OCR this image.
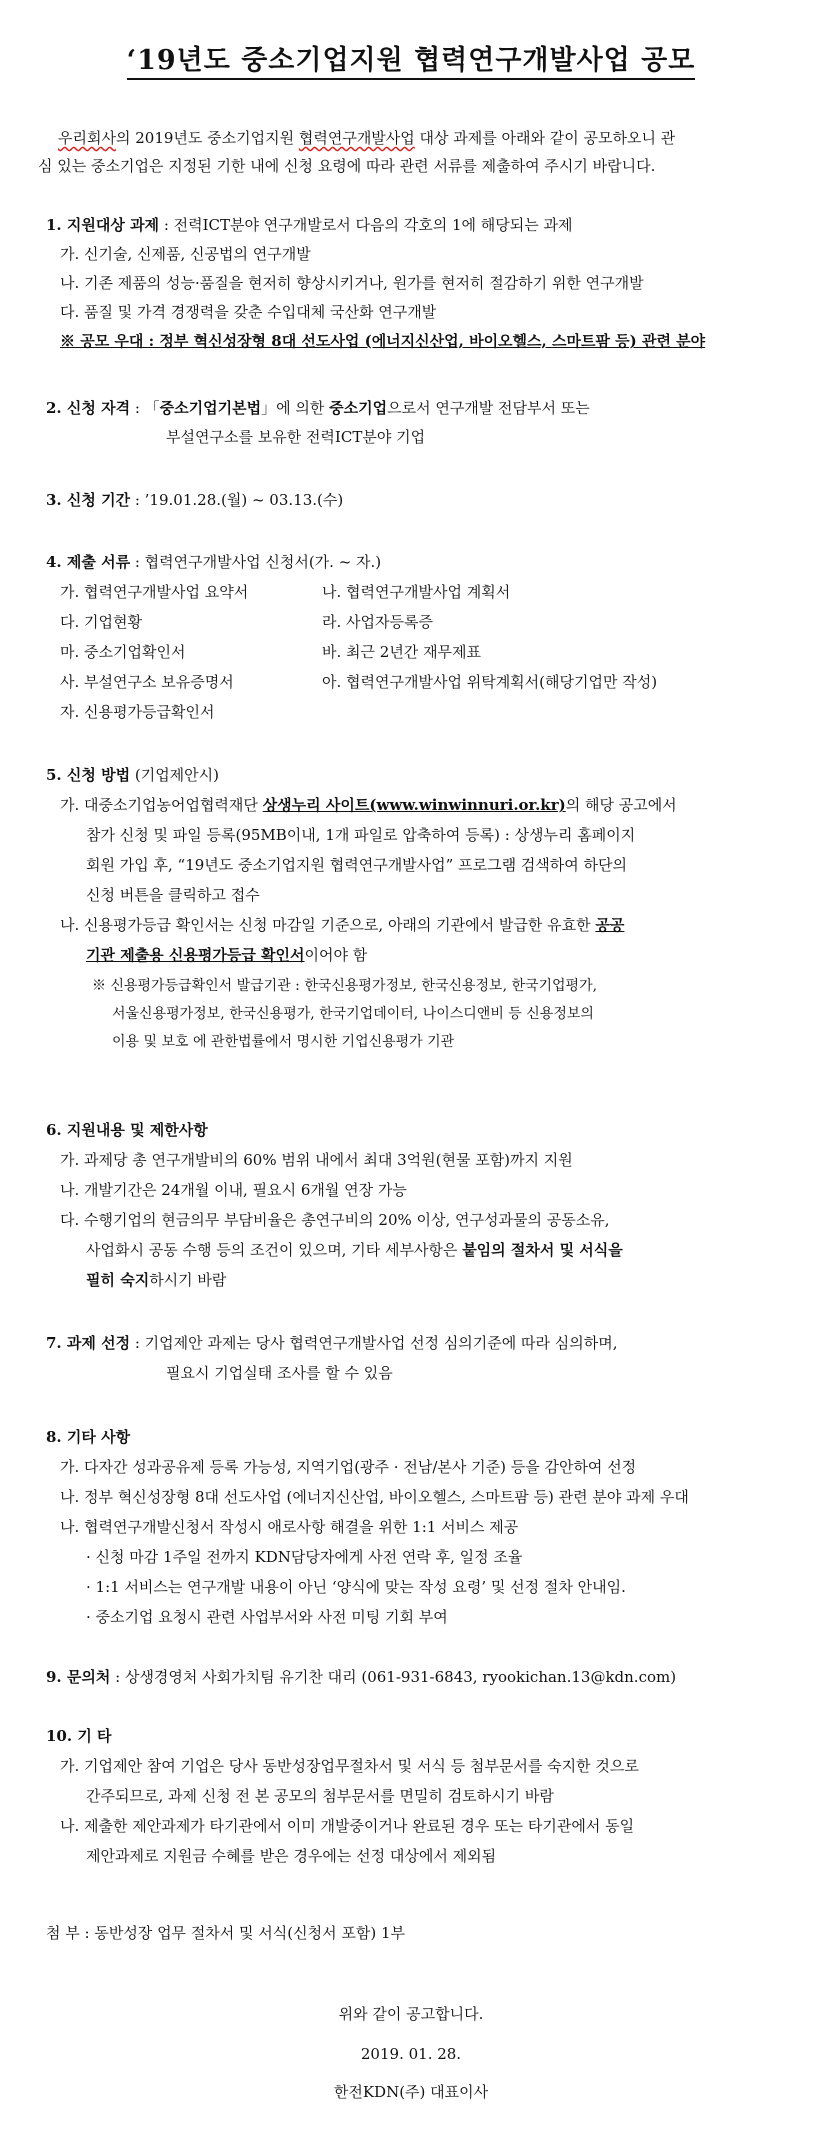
‘19년도 중소기업지원 협력연구개발사업 공모
우리회사의 2019년도 중소기업지원 협력연구개발사업 대상 과제를 아래와 같이 공모하오니 관
심 있는 중소기업은 지정된 기한 내에 신청 요령에 따라 관련 서류를 제출하여 주시기 바랍니다.
1. 지원대상 과제 : 전력ICT분야 연구개발로서 다음의 각호의 1에 해당되는 과제
가. 신기술, 신제품, 신공법의 연구개발
나. 기존 제품의 성능·품질을 현저히 향상시키거나, 원가를 현저히 절감하기 위한 연구개발
다. 품질 및 가격 경쟁력을 갖춘 수입대체 국산화 연구개발
※ 공모 우대 : 정부 혁신성장형 8대 선도사업 (에너지신산업, 바이오헬스, 스마트팜 등) 관련 분야
2. 신청 자격 : 「중소기업기본법」에 의한 중소기업으로서 연구개발 전담부서 또는
부설연구소를 보유한 전력ICT분야 기업
3. 신청 기간 : ’19.01.28.(월) ~ 03.13.(수)
4. 제출 서류 : 협력연구개발사업 신청서(가. ~ 자.)
가. 협력연구개발사업 요약서	나. 협력연구개발사업 계획서
다. 기업현황	라. 사업자등록증
마. 중소기업확인서	바. 최근 2년간 재무제표
사. 부설연구소 보유증명서	아. 협력연구개발사업 위탁계획서(해당기업만 작성)
자. 신용평가등급확인서
5. 신청 방법 (기업제안시)
가. 대중소기업농어업협력재단 상생누리 사이트(www.winwinnuri.or.kr)의 해당 공고에서
참가 신청 및 파일 등록(95MB이내, 1개 파일로 압축하여 등록) : 상생누리 홈페이지
회원 가입 후, “19년도 중소기업지원 협력연구개발사업” 프로그램 검색하여 하단의
신청 버튼을 클릭하고 접수
나. 신용평가등급 확인서는 신청 마감일 기준으로, 아래의 기관에서 발급한 유효한 공공
기관 제출용 신용평가등급 확인서이어야 함
※ 신용평가등급확인서 발급기관 : 한국신용평가정보, 한국신용정보, 한국기업평가,
서울신용평가정보, 한국신용평가, 한국기업데이터, 나이스디앤비 등 신용정보의
이용 및 보호 에 관한법률에서 명시한 기업신용평가 기관
6. 지원내용 및 제한사항
가. 과제당 총 연구개발비의 60% 범위 내에서 최대 3억원(현물 포함)까지 지원
나. 개발기간은 24개월 이내, 필요시 6개월 연장 가능
다. 수행기업의 현금의무 부담비율은 총연구비의 20% 이상, 연구성과물의 공동소유,
사업화시 공동 수행 등의 조건이 있으며, 기타 세부사항은 붙임의 절차서 및 서식을
필히 숙지하시기 바람
7. 과제 선정 : 기업제안 과제는 당사 협력연구개발사업 선정 심의기준에 따라 심의하며,
필요시 기업실태 조사를 할 수 있음
8. 기타 사항
가. 다자간 성과공유제 등록 가능성, 지역기업(광주 · 전남/본사 기준) 등을 감안하여 선정
나. 정부 혁신성장형 8대 선도사업 (에너지신산업, 바이오헬스, 스마트팜 등) 관련 분야 과제 우대
나. 협력연구개발신청서 작성시 애로사항 해결을 위한 1:1 서비스 제공
· 신청 마감 1주일 전까지 KDN담당자에게 사전 연락 후, 일정 조율
· 1:1 서비스는 연구개발 내용이 아닌 ‘양식에 맞는 작성 요령’ 및 선정 절차 안내임.
· 중소기업 요청시 관련 사업부서와 사전 미팅 기회 부여
9. 문의처 : 상생경영처 사회가치팀 유기찬 대리 (061-931-6843, ryookichan.13@kdn.com)
10. 기 타
가. 기업제안 참여 기업은 당사 동반성장업무절차서 및 서식 등 첨부문서를 숙지한 것으로
간주되므로, 과제 신청 전 본 공모의 첨부문서를 면밀히 검토하시기 바람
나. 제출한 제안과제가 타기관에서 이미 개발중이거나 완료된 경우 또는 타기관에서 동일
제안과제로 지원금 수혜를 받은 경우에는 선정 대상에서 제외됨
첨 부 : 동반성장 업무 절차서 및 서식(신청서 포함) 1부
위와 같이 공고합니다.
2019. 01. 28.
한전KDN(주) 대표이사
